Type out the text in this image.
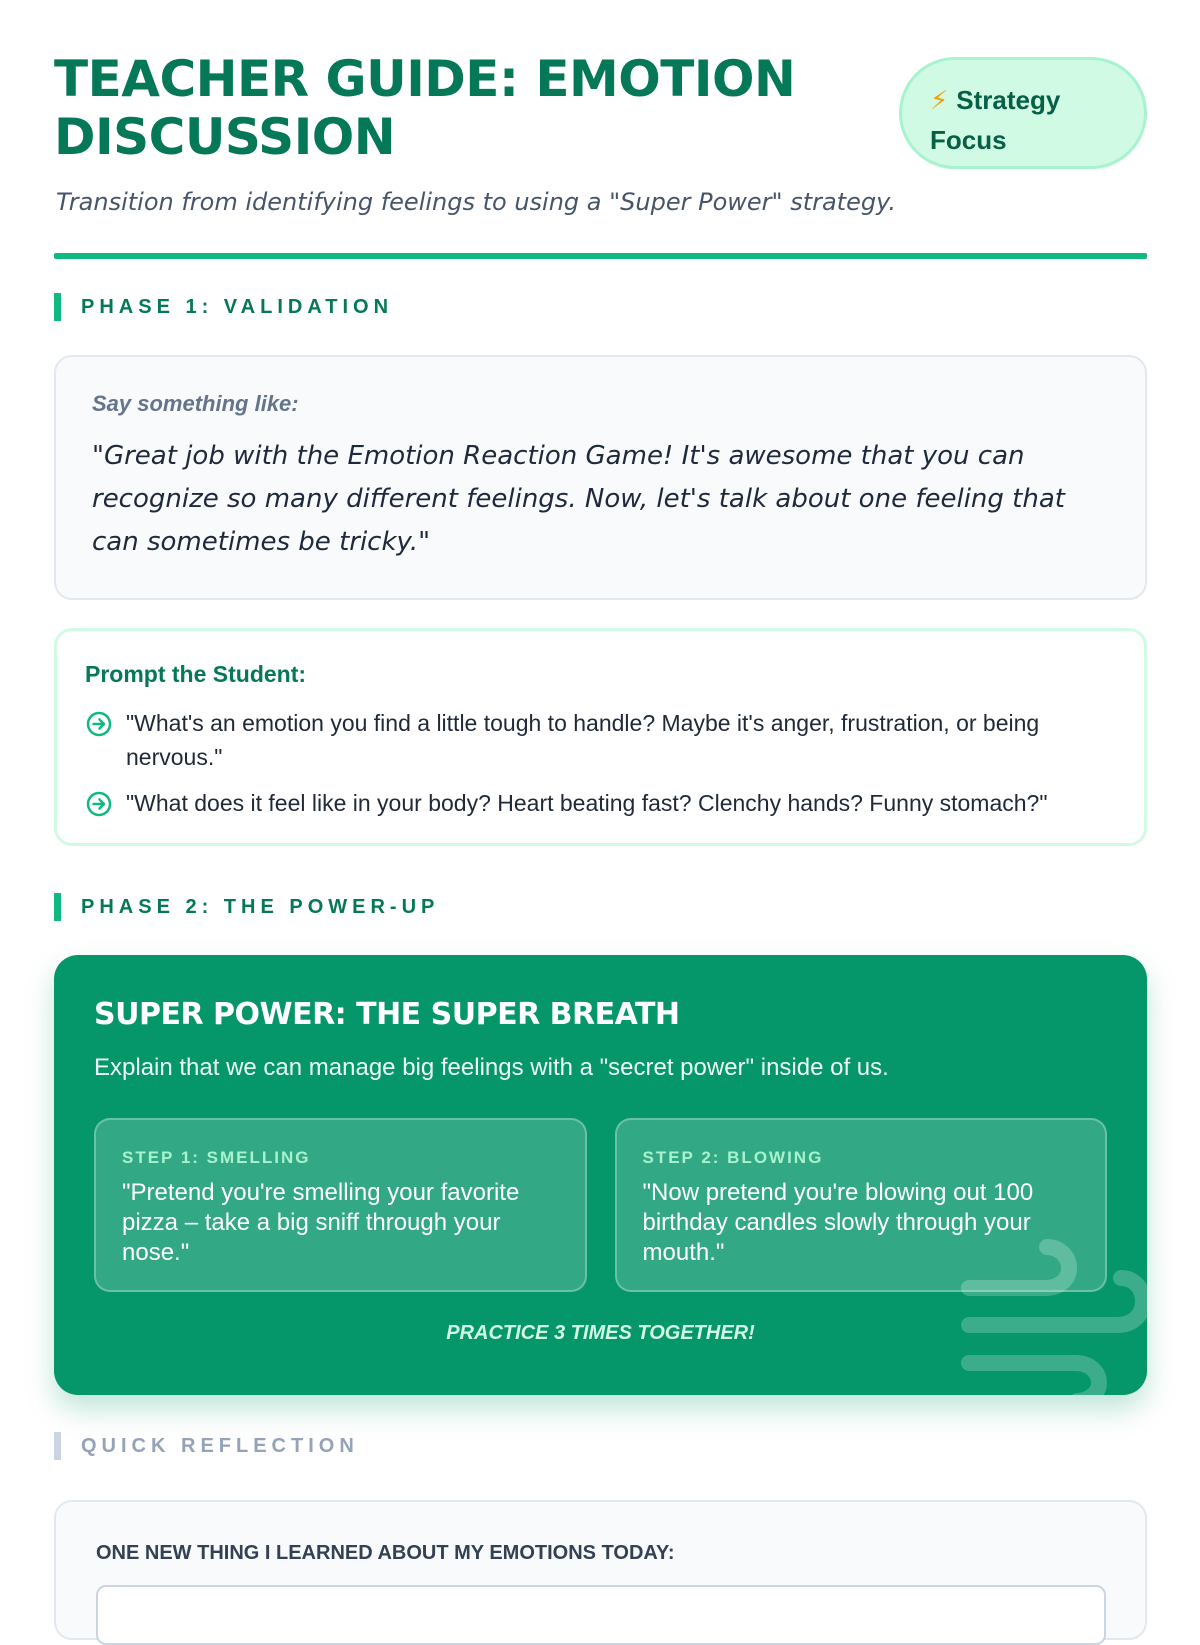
TEACHER GUIDE: EMOTION DISCUSSION
⚡ Strategy Focus

Transition from identifying feelings to using a "Super Power" strategy.

PHASE 1: VALIDATION

Say something like:

"Great job with the Emotion Reaction Game! It's awesome that you can recognize so many different feelings. Now, let's talk about one feeling that can sometimes be tricky."

Prompt the Student:

"What's an emotion you find a little tough to handle? Maybe it's anger, frustration, or being nervous."
"What does it feel like in your body? Heart beating fast? Clenchy hands? Funny stomach?"
PHASE 2: THE POWER-UP

SUPER POWER: THE SUPER BREATH

Explain that we can manage big feelings with a "secret power" inside of us.

STEP 1: SMELLING

"Pretend you're smelling your favorite pizza – take a big sniff through your nose."

STEP 2: BLOWING

"Now pretend you're blowing out 100 birthday candles slowly through your mouth."

PRACTICE 3 TIMES TOGETHER!
QUICK REFLECTION

ONE NEW THING I LEARNED ABOUT MY EMOTIONS TODAY:
